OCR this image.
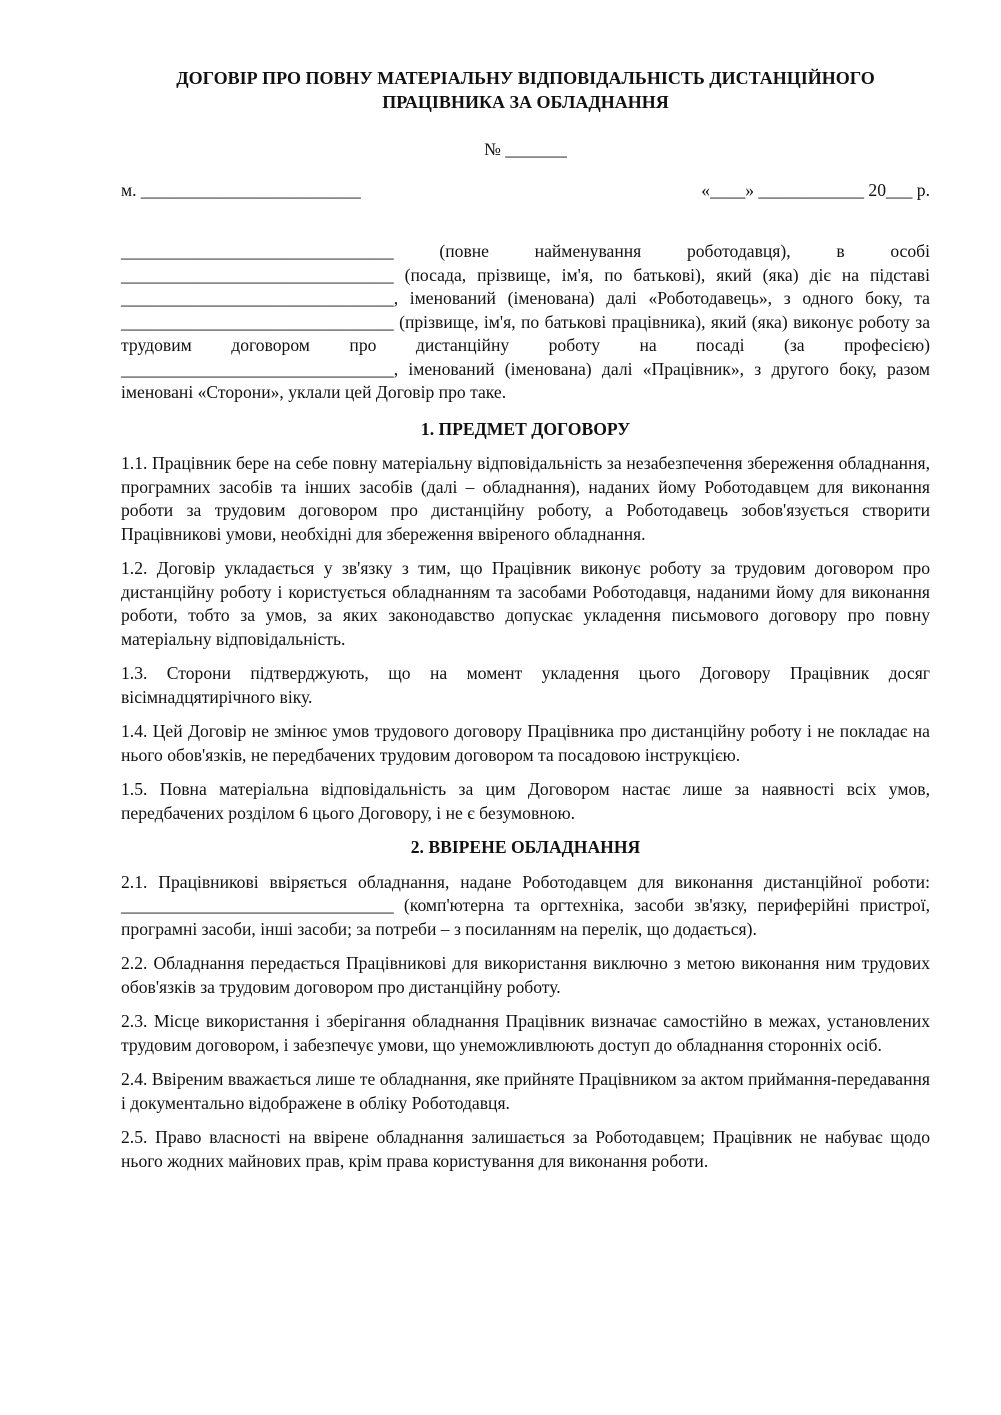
ДОГОВІР ПРО ПОВНУ МАТЕРІАЛЬНУ ВІДПОВІДАЛЬНІСТЬ ДИСТАНЦІЙНОГО
ПРАЦІВНИКА ЗА ОБЛАДНАННЯ
№ _______
м. _________________________	«____» ____________ 20___ р.
_______________________________ (повне найменування роботодавця), в особі _______________________________ (посада, прізвище, ім'я, по батькові), який (яка) діє на підставі _______________________________, іменований (іменована) далі «Роботодавець», з одного боку, та _______________________________ (прізвище, ім'я, по батькові працівника), який (яка) виконує роботу за трудовим договором про дистанційну роботу на посаді (за професією) _______________________________, іменований (іменована) далі «Працівник», з другого боку, разом іменовані «Сторони», уклали цей Договір про таке.
1. ПРЕДМЕТ ДОГОВОРУ
1.1. Працівник бере на себе повну матеріальну відповідальність за незабезпечення збереження обладнання, програмних засобів та інших засобів (далі – обладнання), наданих йому Роботодавцем для виконання роботи за трудовим договором про дистанційну роботу, а Роботодавець зобов'язується створити Працівникові умови, необхідні для збереження ввіреного обладнання.
1.2. Договір укладається у зв'язку з тим, що Працівник виконує роботу за трудовим договором про дистанційну роботу і користується обладнанням та засобами Роботодавця, наданими йому для виконання роботи, тобто за умов, за яких законодавство допускає укладення письмового договору про повну матеріальну відповідальність.
1.3. Сторони підтверджують, що на момент укладення цього Договору Працівник досяг вісімнадцятирічного віку.
1.4. Цей Договір не змінює умов трудового договору Працівника про дистанційну роботу і не покладає на нього обов'язків, не передбачених трудовим договором та посадовою інструкцією.
1.5. Повна матеріальна відповідальність за цим Договором настає лише за наявності всіх умов, передбачених розділом 6 цього Договору, і не є безумовною.
2. ВВІРЕНЕ ОБЛАДНАННЯ
2.1. Працівникові ввіряється обладнання, надане Роботодавцем для виконання дистанційної роботи: _______________________________ (комп'ютерна та оргтехніка, засоби зв'язку, периферійні пристрої, програмні засоби, інші засоби; за потреби – з посиланням на перелік, що додається).
2.2. Обладнання передається Працівникові для використання виключно з метою виконання ним трудових обов'язків за трудовим договором про дистанційну роботу.
2.3. Місце використання і зберігання обладнання Працівник визначає самостійно в межах, установлених трудовим договором, і забезпечує умови, що унеможливлюють доступ до обладнання сторонніх осіб.
2.4. Ввіреним вважається лише те обладнання, яке прийняте Працівником за актом приймання-передавання і документально відображене в обліку Роботодавця.
2.5. Право власності на ввірене обладнання залишається за Роботодавцем; Працівник не набуває щодо нього жодних майнових прав, крім права користування для виконання роботи.
